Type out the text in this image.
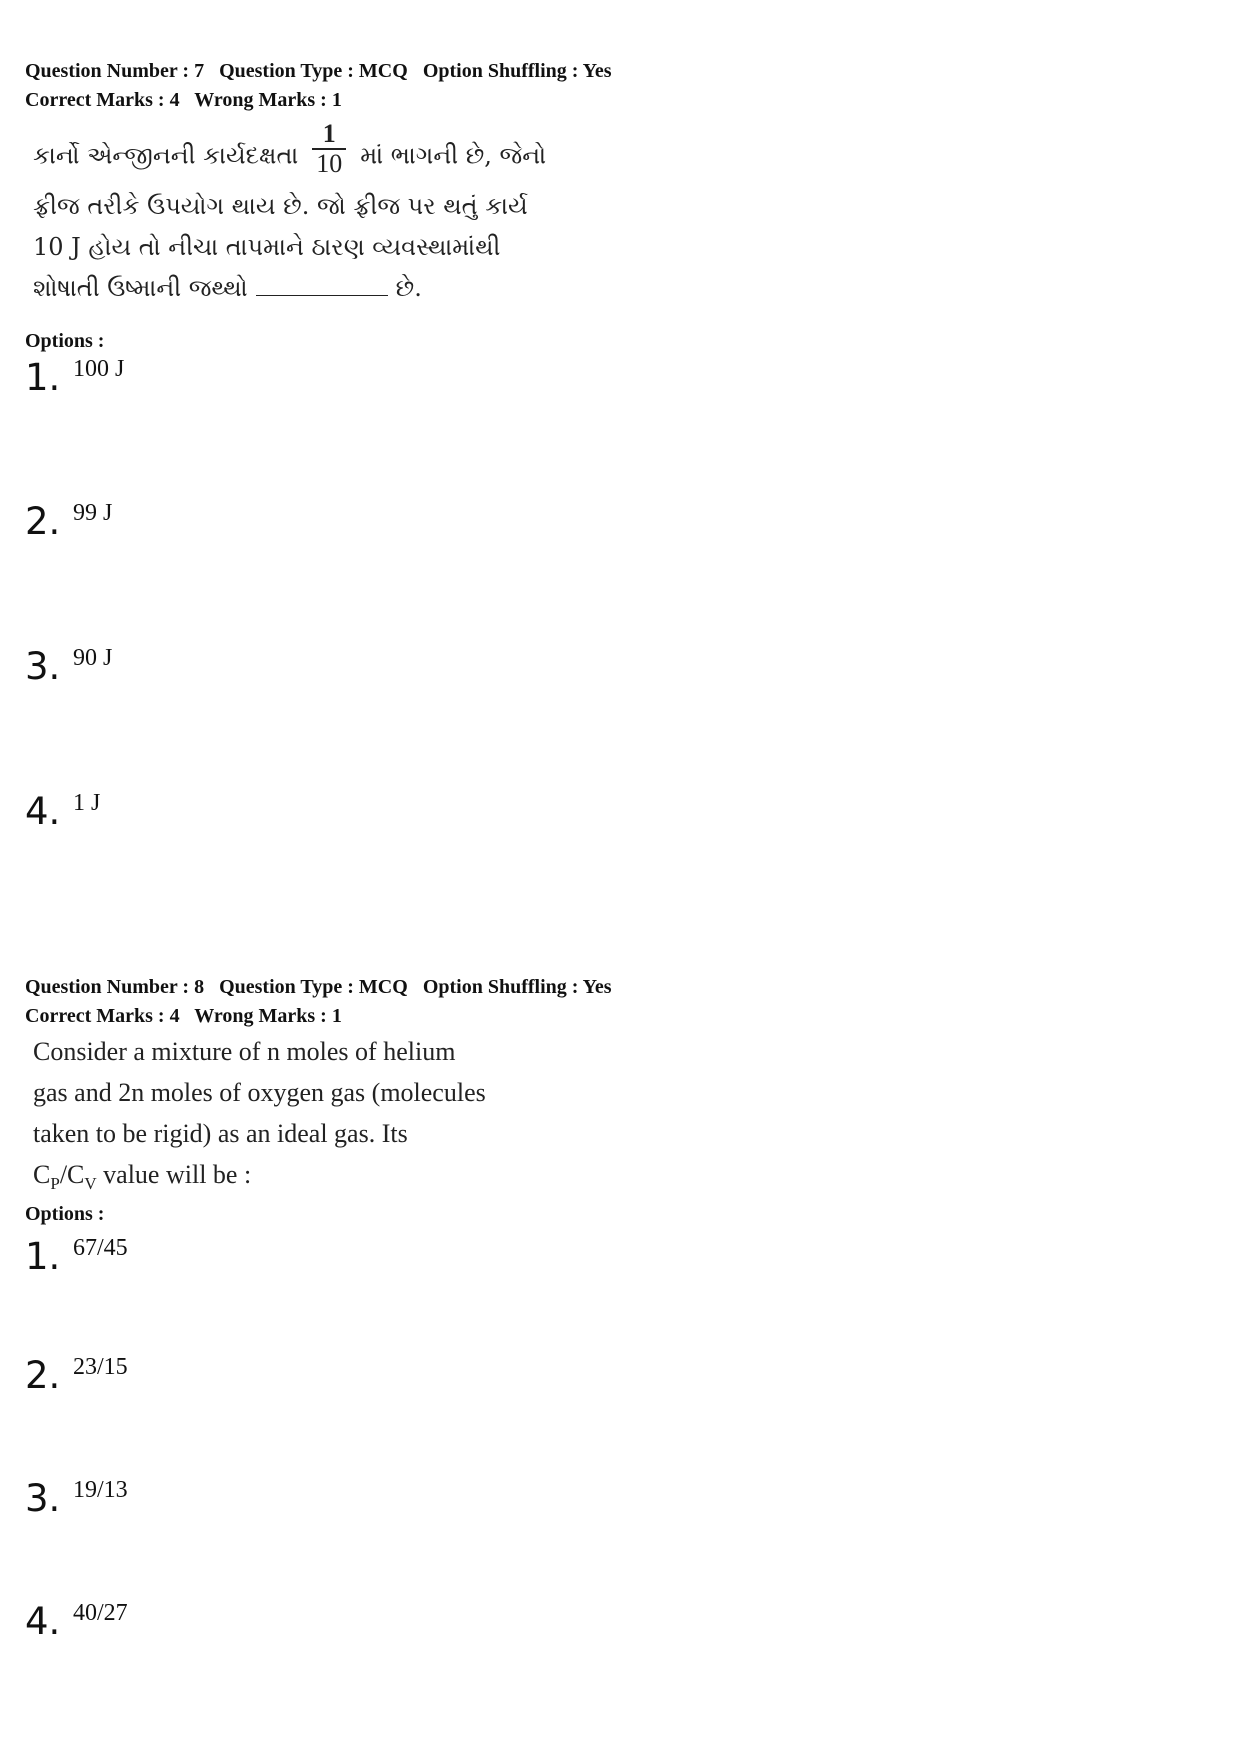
Question Number : 7 Question Type : MCQ Option Shuffling : Yes
Correct Marks : 4 Wrong Marks : 1
કાર્નો એન્જીનની કાર્યદક્ષતા $\frac{1}{10}$ માં ભાગની છે, જેનો
ફ્રીજ તરીકે ઉપયોગ થાય છે. જો ફ્રીજ પર થતું કાર્ય
10 J હોય તો નીચા તાપમાને ઠારણ વ્યવસ્થામાંથી
શોષાતી ઉષ્માની જથ્થો	છે.
Options :
1. 100 J
2. 99 J
3. 90 J
4. 1 J
Question Number : 8 Question Type : MCQ Option Shuffling : Yes
Correct Marks : 4 Wrong Marks : 1
Consider a mixture of n moles of helium
gas and 2n moles of oxygen gas (molecules
taken to be rigid) as an ideal gas. Its
$C_P/C_V$ value will be :
Options :
1. 67/45
2. 23/15
3. 19/13
4. 40/27
